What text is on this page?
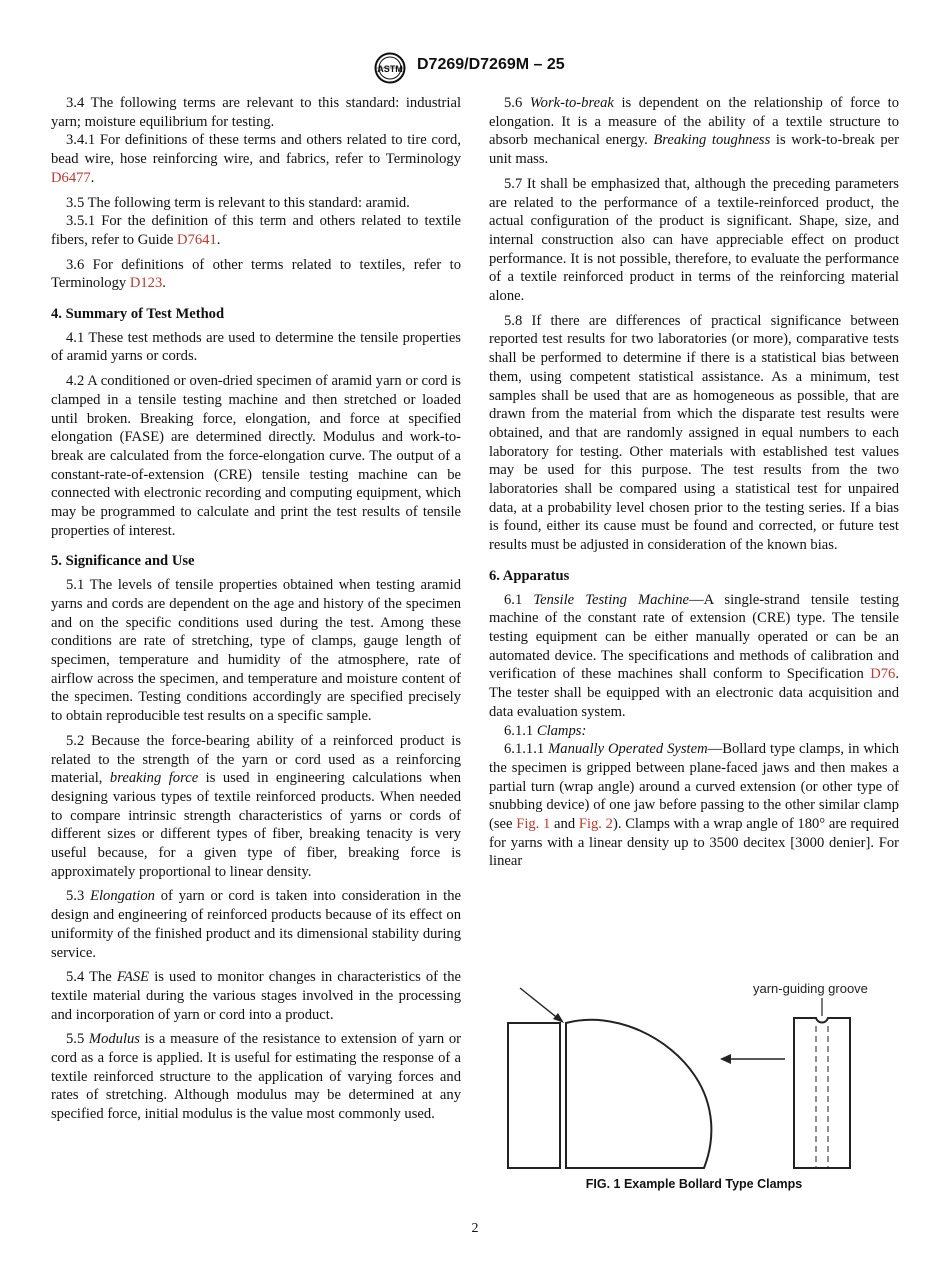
ASTM D7269/D7269M – 25

3.4 The following terms are relevant to this standard: industrial yarn; moisture equilibrium for testing.

3.4.1 For definitions of these terms and others related to tire cord, bead wire, hose reinforcing wire, and fabrics, refer to Terminology D6477.

3.5 The following term is relevant to this standard: aramid.

3.5.1 For the definition of this term and others related to textile fibers, refer to Guide D7641.

3.6 For definitions of other terms related to textiles, refer to Terminology D123.

4. Summary of Test Method

4.1 These test methods are used to determine the tensile properties of aramid yarns or cords.

4.2 A conditioned or oven-dried specimen of aramid yarn or cord is clamped in a tensile testing machine and then stretched or loaded until broken. Breaking force, elongation, and force at specified elongation (FASE) are determined directly. Modulus and work-to-break are calculated from the force-elongation curve. The output of a constant-rate-of-extension (CRE) tensile testing machine can be connected with electronic recording and computing equipment, which may be programmed to calculate and print the test results of tensile properties of interest.

5. Significance and Use

5.1 The levels of tensile properties obtained when testing aramid yarns and cords are dependent on the age and history of the specimen and on the specific conditions used during the test. Among these conditions are rate of stretching, type of clamps, gauge length of specimen, temperature and humidity of the atmosphere, rate of airflow across the specimen, and temperature and moisture content of the specimen. Testing conditions accordingly are specified precisely to obtain reproducible test results on a specific sample.

5.2 Because the force-bearing ability of a reinforced product is related to the strength of the yarn or cord used as a reinforcing material, breaking force is used in engineering calculations when designing various types of textile reinforced products. When needed to compare intrinsic strength characteristics of yarns or cords of different sizes or different types of fiber, breaking tenacity is very useful because, for a given type of fiber, breaking force is approximately proportional to linear density.

5.3 Elongation of yarn or cord is taken into consideration in the design and engineering of reinforced products because of its effect on uniformity of the finished product and its dimensional stability during service.

5.4 The FASE is used to monitor changes in characteristics of the textile material during the various stages involved in the processing and incorporation of yarn or cord into a product.

5.5 Modulus is a measure of the resistance to extension of yarn or cord as a force is applied. It is useful for estimating the response of a textile reinforced structure to the application of varying forces and rates of stretching. Although modulus may be determined at any specified force, initial modulus is the value most commonly used.

5.6 Work-to-break is dependent on the relationship of force to elongation. It is a measure of the ability of a textile structure to absorb mechanical energy. Breaking toughness is work-to-break per unit mass.

5.7 It shall be emphasized that, although the preceding parameters are related to the performance of a textile-reinforced product, the actual configuration of the product is significant. Shape, size, and internal construction also can have appreciable effect on product performance. It is not possible, therefore, to evaluate the performance of a textile reinforced product in terms of the reinforcing material alone.

5.8 If there are differences of practical significance between reported test results for two laboratories (or more), comparative tests shall be performed to determine if there is a statistical bias between them, using competent statistical assistance. As a minimum, test samples shall be used that are as homogeneous as possible, that are drawn from the material from which the disparate test results were obtained, and that are randomly assigned in equal numbers to each laboratory for testing. Other materials with established test values may be used for this purpose. The test results from the two laboratories shall be compared using a statistical test for unpaired data, at a probability level chosen prior to the testing series. If a bias is found, either its cause must be found and corrected, or future test results must be adjusted in consideration of the known bias.

6. Apparatus

6.1 Tensile Testing Machine—A single-strand tensile testing machine of the constant rate of extension (CRE) type. The tensile testing equipment can be either manually operated or can be an automated device. The specifications and methods of calibration and verification of these machines shall conform to Specification D76. The tester shall be equipped with an electronic data acquisition and data evaluation system.

6.1.1 Clamps:

6.1.1.1 Manually Operated System—Bollard type clamps, in which the specimen is gripped between plane-faced jaws and then makes a partial turn (wrap angle) around a curved extension (or other type of snubbing device) of one jaw before passing to the other similar clamp (see Fig. 1 and Fig. 2). Clamps with a wrap angle of 180° are required for yarns with a linear density up to 3500 decitex [3000 denier]. For linear

yarn-guiding groove
FIG. 1 Example Bollard Type Clamps
2
